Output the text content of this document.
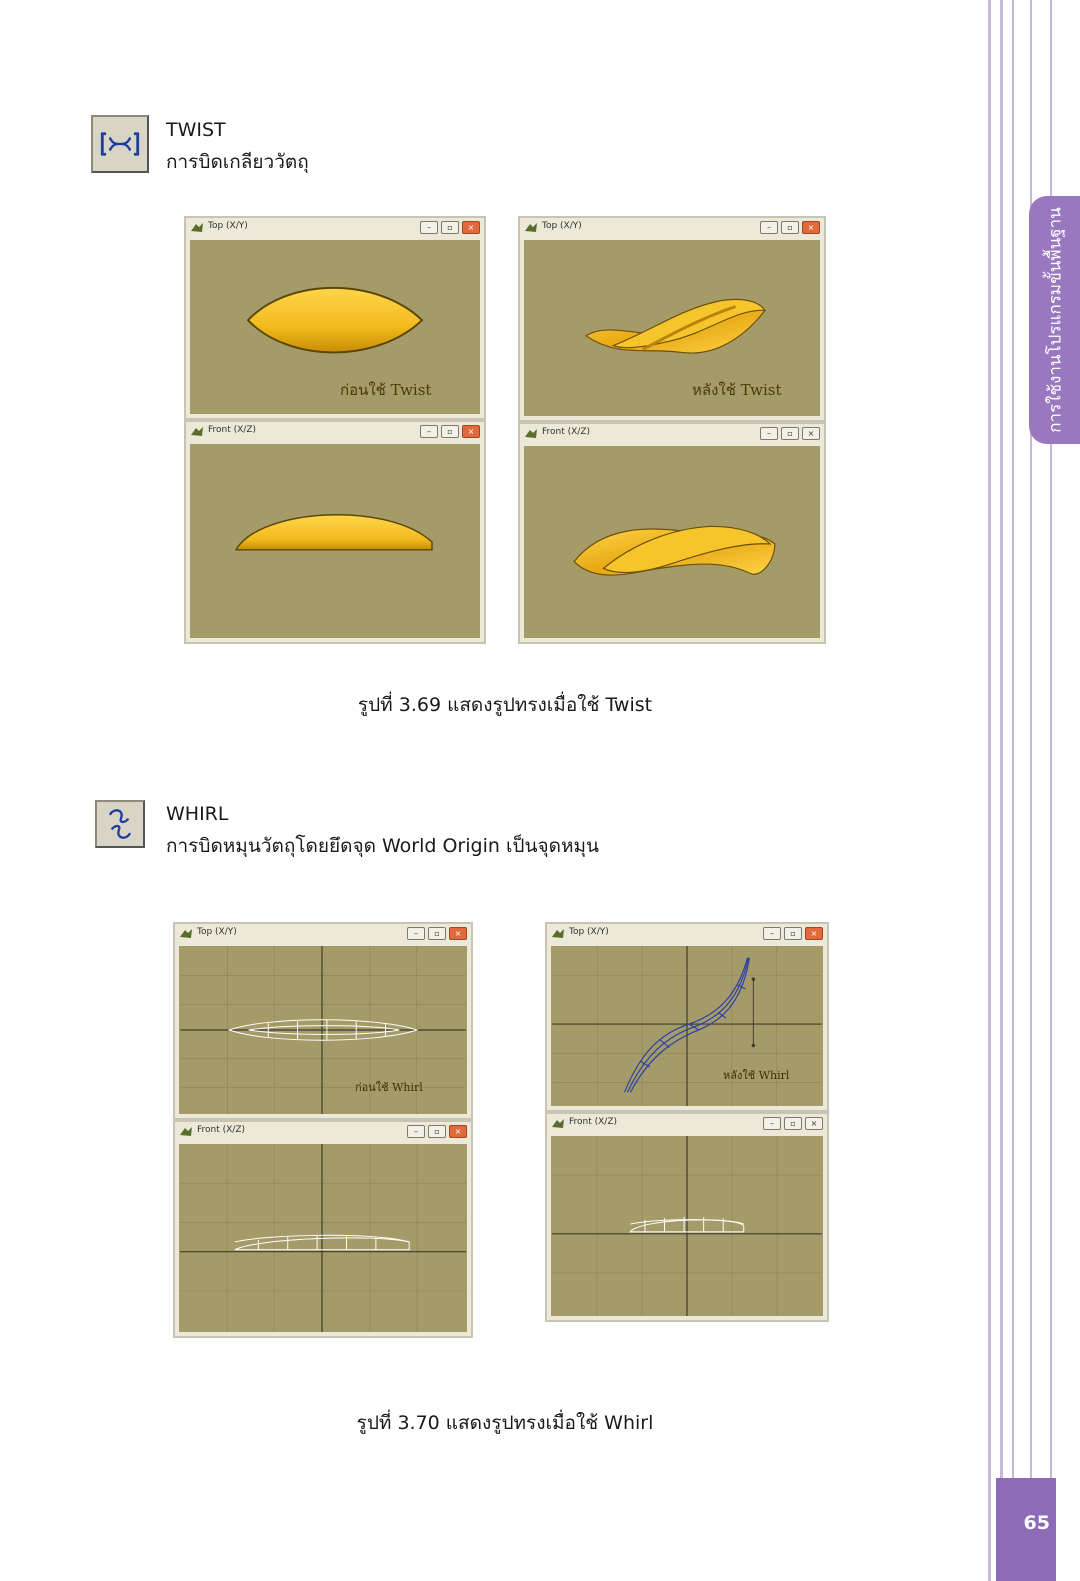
การใช้งานโปรแกรมขั้นพื้นฐาน
65
TWIST
การบิดเกลียววัตถุ
Top (X/Y)	–	▫	×
ก่อนใช้ Twist
Front (X/Z)	–	▫	×
Top (X/Y)	–	▫	×
หลังใช้ Twist
Front (X/Z)	–	▫	×
รูปที่ 3.69 แสดงรูปทรงเมื่อใช้ Twist
WHIRL
การบิดหมุนวัตถุโดยยึดจุด World Origin เป็นจุดหมุน
Top (X/Y)	–	▫	×
ก่อนใช้ Whirl
Front (X/Z)	–	▫	×
Top (X/Y)	–	▫	×
หลังใช้ Whirl
Front (X/Z)	–	▫	×
รูปที่ 3.70 แสดงรูปทรงเมื่อใช้ Whirl
